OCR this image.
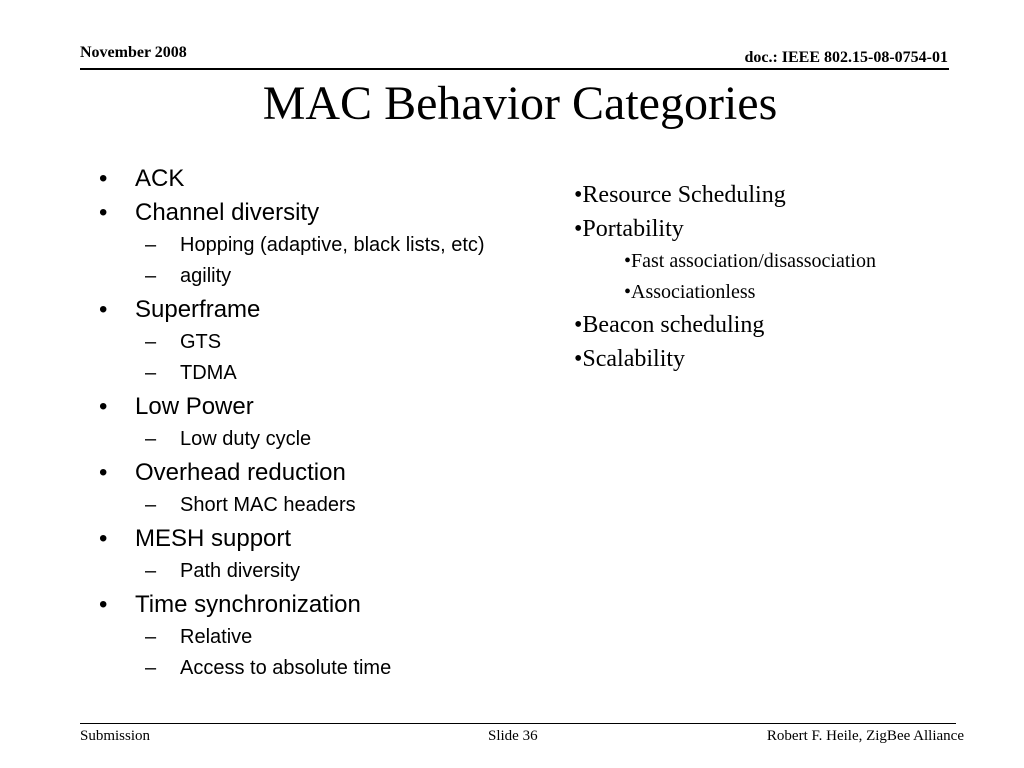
November 2008	doc.: IEEE 802.15-08-0754-01
MAC Behavior Categories
• ACK
• Channel diversity
– Hopping (adaptive, black lists, etc)
– agility
• Superframe
– GTS
– TDMA
• Low Power
– Low duty cycle
• Overhead reduction
– Short MAC headers
• MESH support
– Path diversity
• Time synchronization
– Relative
– Access to absolute time
•Resource Scheduling
•Portability
•Fast association/disassociation
•Associationless
•Beacon scheduling
•Scalability
Submission	Slide 36	Robert F. Heile, ZigBee Alliance
